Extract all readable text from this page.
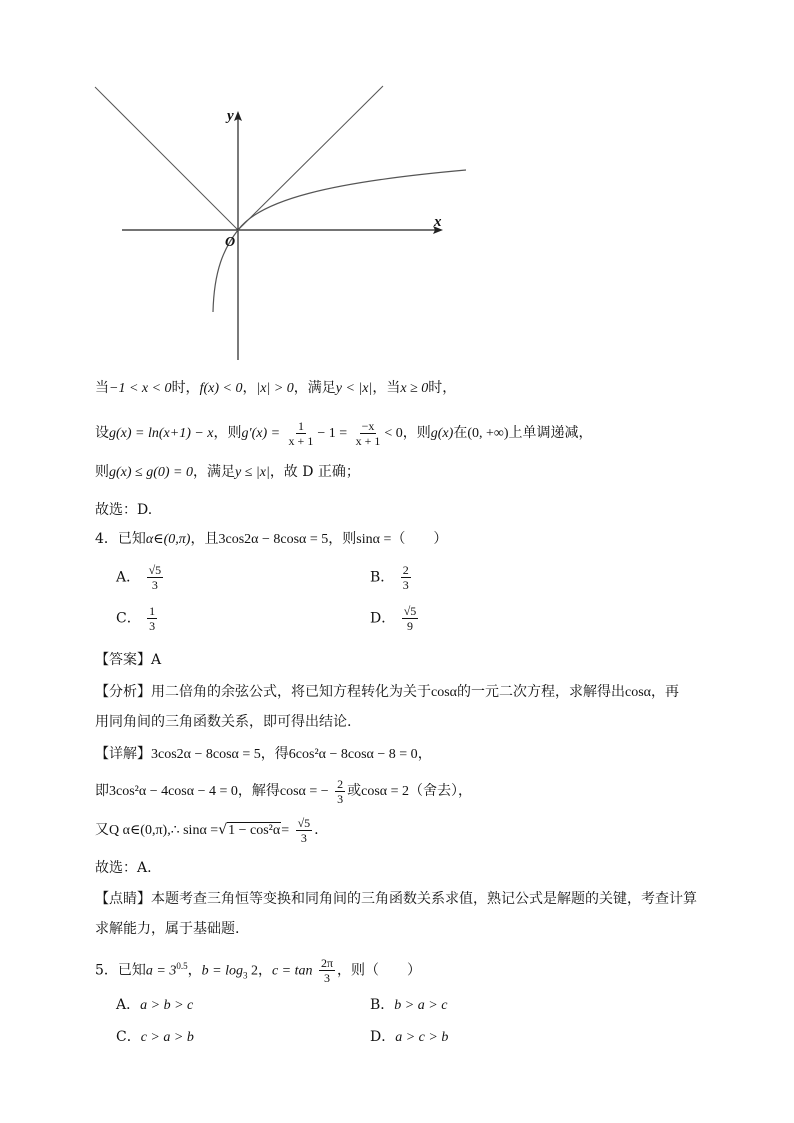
y
x
O
当−1 < x < 0时，f(x) < 0，|x| > 0，满足y < |x|，当x ≥ 0时，
设g(x) = ln(x+1) − x，则$g'(x) = \frac{1}{x + 1} - 1 = \frac{-x}{x + 1} < 0$，则g(x)在(0, +∞)上单调递减，
则g(x) ≤ g(0) = 0，满足y ≤ |x|，故 D 正确；
故选：D.
4．已知α∈(0,π)，且3cos2α − 8cosα = 5，则sinα =（　　）
A． $\frac{√5}{3}$	B． $\frac{2}{3}$
C． $\frac{1}{3}$	D． $\frac{√5}{9}$
【答案】A
【分析】用二倍角的余弦公式，将已知方程转化为关于cosα的一元二次方程，求解得出cosα，再
用同角间的三角函数关系，即可得出结论.
【详解】3cos2α − 8cosα = 5，得6cos²α − 8cosα − 8 = 0，
即3cos²α − 4cosα − 4 = 0，解得cosα = − $\frac{2}{3}$ 或cosα = 2（舍去），
又Q α∈(0,π),∴ $\sin\alpha =√1 - \cos^2\alpha= \frac{√5}{3}$ .
故选：A.
【点睛】本题考查三角恒等变换和同角间的三角函数关系求值，熟记公式是解题的关键，考查计算
求解能力，属于基础题.
5．已知$a = 3^{0.5}$，$b = \log_3 2$，$c = \tan \frac{2\pi}{3}$ ，则（　　）
A．a > b > c	B．b > a > c
C．c > a > b	D．a > c > b
